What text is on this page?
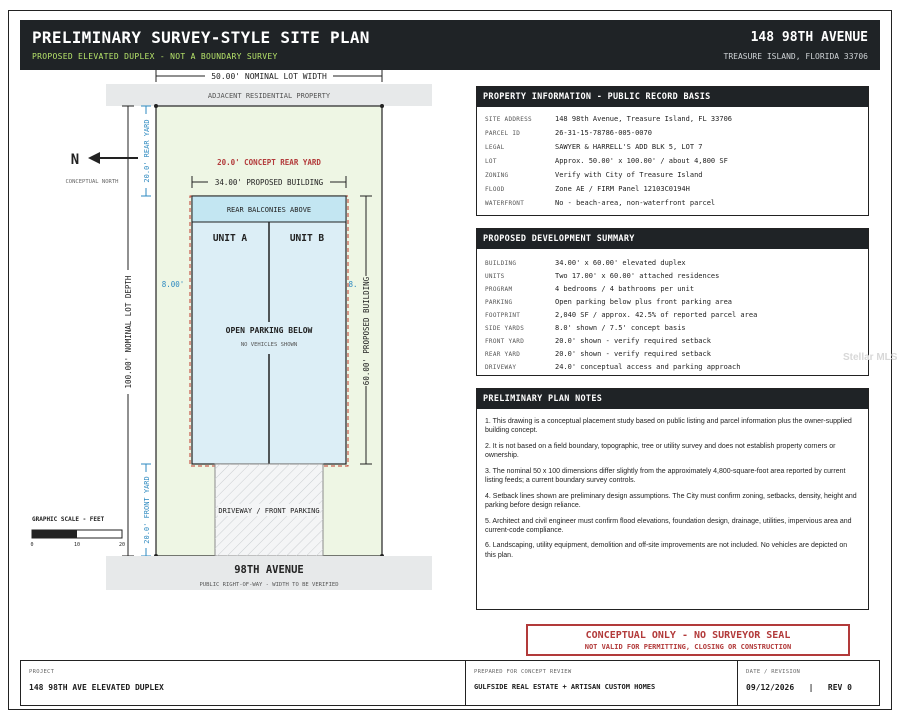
PRELIMINARY SURVEY-STYLE SITE PLAN
PROPOSED ELEVATED DUPLEX - NOT A BOUNDARY SURVEY
148 98TH AVENUE
TREASURE ISLAND, FLORIDA 33706
50.00' NOMINAL LOT WIDTH
ADJACENT RESIDENTIAL PROPERTY
N
CONCEPTUAL NORTH
100.00' NOMINAL LOT DEPTH
20.0' REAR YARD
20.0' FRONT YARD
20.0' CONCEPT REAR YARD
34.00' PROPOSED BUILDING
REAR BALCONIES ABOVE
UNIT A	UNIT B
OPEN PARKING BELOW
NO VEHICLES SHOWN
8.00'	8. 60.00' PROPOSED BUILDING
DRIVEWAY / FRONT PARKING
98TH AVENUE
PUBLIC RIGHT-OF-WAY - WIDTH TO BE VERIFIED
GRAPHIC SCALE - FEET
0	10	20
PROPERTY INFORMATION - PUBLIC RECORD BASIS
SITE ADDRESS	148 98th Avenue, Treasure Island, FL 33706
PARCEL ID	26-31-15-78786-005-0070
LEGAL	SAWYER & HARRELL'S ADD BLK 5, LOT 7
LOT	Approx. 50.00' x 100.00' / about 4,800 SF
ZONING	Verify with City of Treasure Island
FLOOD	Zone AE / FIRM Panel 12103C0194H
WATERFRONT	No - beach-area, non-waterfront parcel
PROPOSED DEVELOPMENT SUMMARY
BUILDING	34.00' x 60.00' elevated duplex
UNITS	Two 17.00' x 60.00' attached residences
PROGRAM	4 bedrooms / 4 bathrooms per unit
PARKING	Open parking below plus front parking area
FOOTPRINT	2,040 SF / approx. 42.5% of reported parcel area
SIDE YARDS	8.0' shown / 7.5' concept basis
FRONT YARD	20.0' shown - verify required setback
REAR YARD	20.0' shown - verify required setback
DRIVEWAY	24.0' conceptual access and parking approach
Stellar MLS
PRELIMINARY PLAN NOTES
1. This drawing is a conceptual placement study based on public listing and parcel information plus the owner-supplied building concept.
2. It is not based on a field boundary, topographic, tree or utility survey and does not establish property corners or ownership.
3. The nominal 50 x 100 dimensions differ slightly from the approximately 4,800-square-foot area reported by current listing feeds; a current boundary survey controls.
4. Setback lines shown are preliminary design assumptions. The City must confirm zoning, setbacks, density, height and parking before design reliance.
5. Architect and civil engineer must confirm flood elevations, foundation design, drainage, utilities, impervious area and current-code compliance.
6. Landscaping, utility equipment, demolition and off-site improvements are not included. No vehicles are depicted on this plan.
CONCEPTUAL ONLY - NO SURVEYOR SEAL
NOT VALID FOR PERMITTING, CLOSING OR CONSTRUCTION
PROJECT
148 98TH AVE ELEVATED DUPLEX
PREPARED FOR CONCEPT REVIEW
GULFSIDE REAL ESTATE + ARTISAN CUSTOM HOMES
DATE / REVISION
09/12/2026   |   REV 0
